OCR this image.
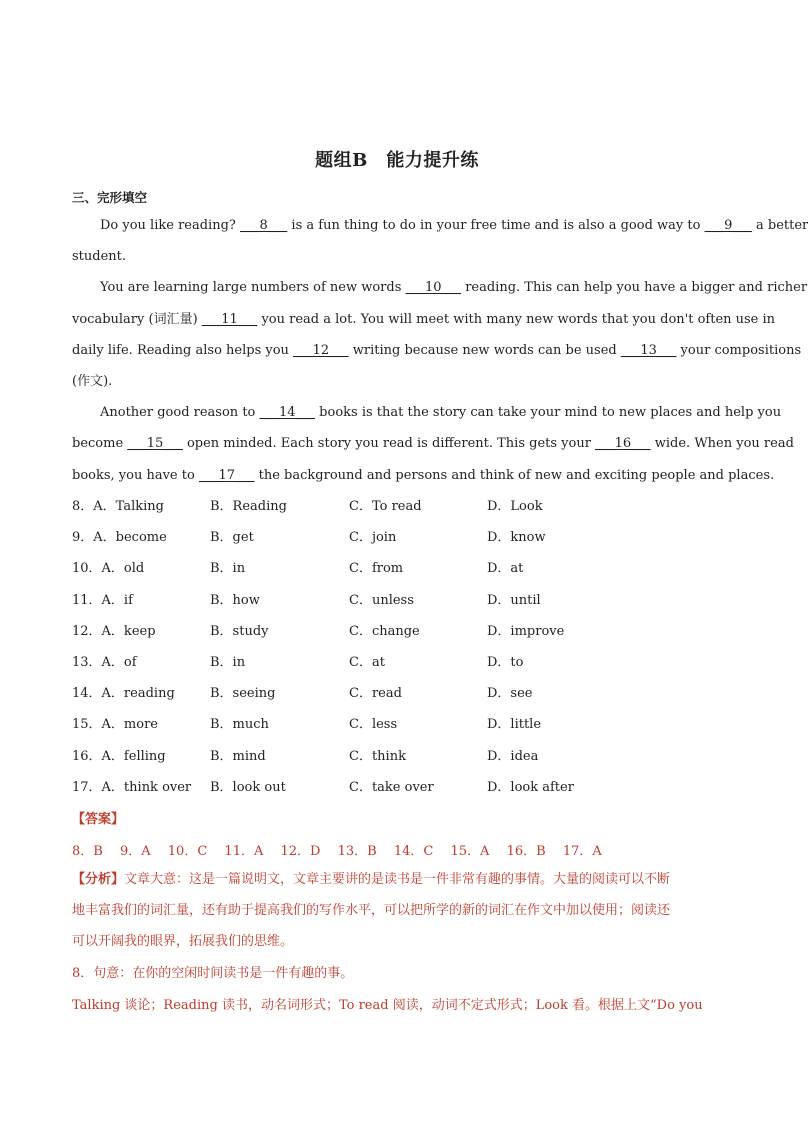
题组B　能力提升练
三、完形填空
Do you like reading? ___8___ is a fun thing to do in your free time and is also a good way to ___9___ a better
student.
You are learning large numbers of new words ___10___ reading. This can help you have a bigger and richer
vocabulary (词汇量) ___11___ you read a lot. You will meet with many new words that you don't often use in
daily life. Reading also helps you ___12___ writing because new words can be used ___13___ your compositions
(作文).
Another good reason to ___14___ books is that the story can take your mind to new places and help you
become ___15___ open minded. Each story you read is different. This gets your ___16___ wide. When you read
books, you have to ___17___ the background and persons and think of new and exciting people and places.
8．A．Talking	B．Reading	C．To read	D．Look
9．A．become	B．get	C．join	D．know
10．A．old	B．in	C．from	D．at
11．A．if	B．how	C．unless	D．until
12．A．keep	B．study	C．change	D．improve
13．A．of	B．in	C．at	D．to
14．A．reading	B．seeing	C．read	D．see
15．A．more	B．much	C．less	D．little
16．A．felling	B．mind	C．think	D．idea
17．A．think over B．look out	C．take over	D．look after
【答案】
8．B 9．A 10．C 11．A 12．D 13．B 14．C 15．A 16．B 17．A
【分析】文章大意：这是一篇说明文，文章主要讲的是读书是一件非常有趣的事情。大量的阅读可以不断
地丰富我们的词汇量，还有助于提高我们的写作水平，可以把所学的新的词汇在作文中加以使用；阅读还
可以开阔我的眼界，拓展我们的思维。
8．句意：在你的空闲时间读书是一件有趣的事。
Talking 谈论；Reading 读书，动名词形式；To read 阅读，动词不定式形式；Look 看。根据上文“Do you
